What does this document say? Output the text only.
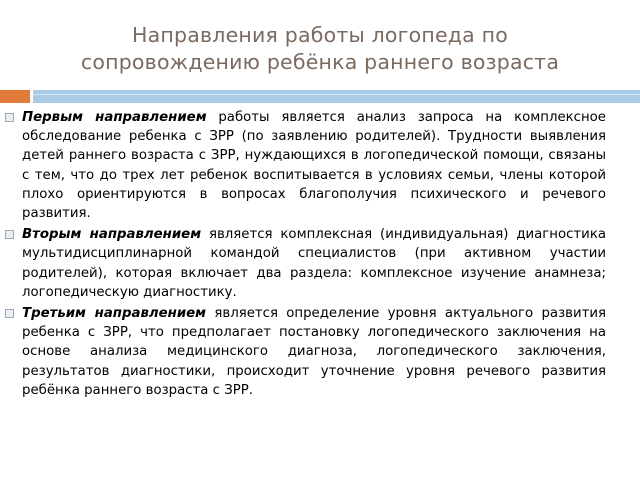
Направления работы логопеда по
сопровождению ребёнка раннего возраста
Первым направлением работы является анализ запроса на комплексное обследование ребенка с ЗРР (по заявлению родителей). Трудности выявления детей раннего возраста с ЗРР, нуждающихся в логопедической помощи, связаны с тем, что до трех лет ребенок воспитывается в условиях семьи, члены которой плохо ориентируются в вопросах благополучия психического и речевого развития.
Вторым направлением является комплексная (индивидуальная) диагностика мультидисциплинарной командой специалистов (при активном участии родителей), которая включает два раздела: комплексное изучение анамнеза; логопедическую диагностику.
Третьим направлением является определение уровня актуального развития ребенка с ЗРР, что предполагает постановку логопедического заключения на основе анализа медицинского диагноза, логопедического заключения, результатов диагностики, происходит уточнение уровня речевого развития ребёнка раннего возраста с ЗРР.
